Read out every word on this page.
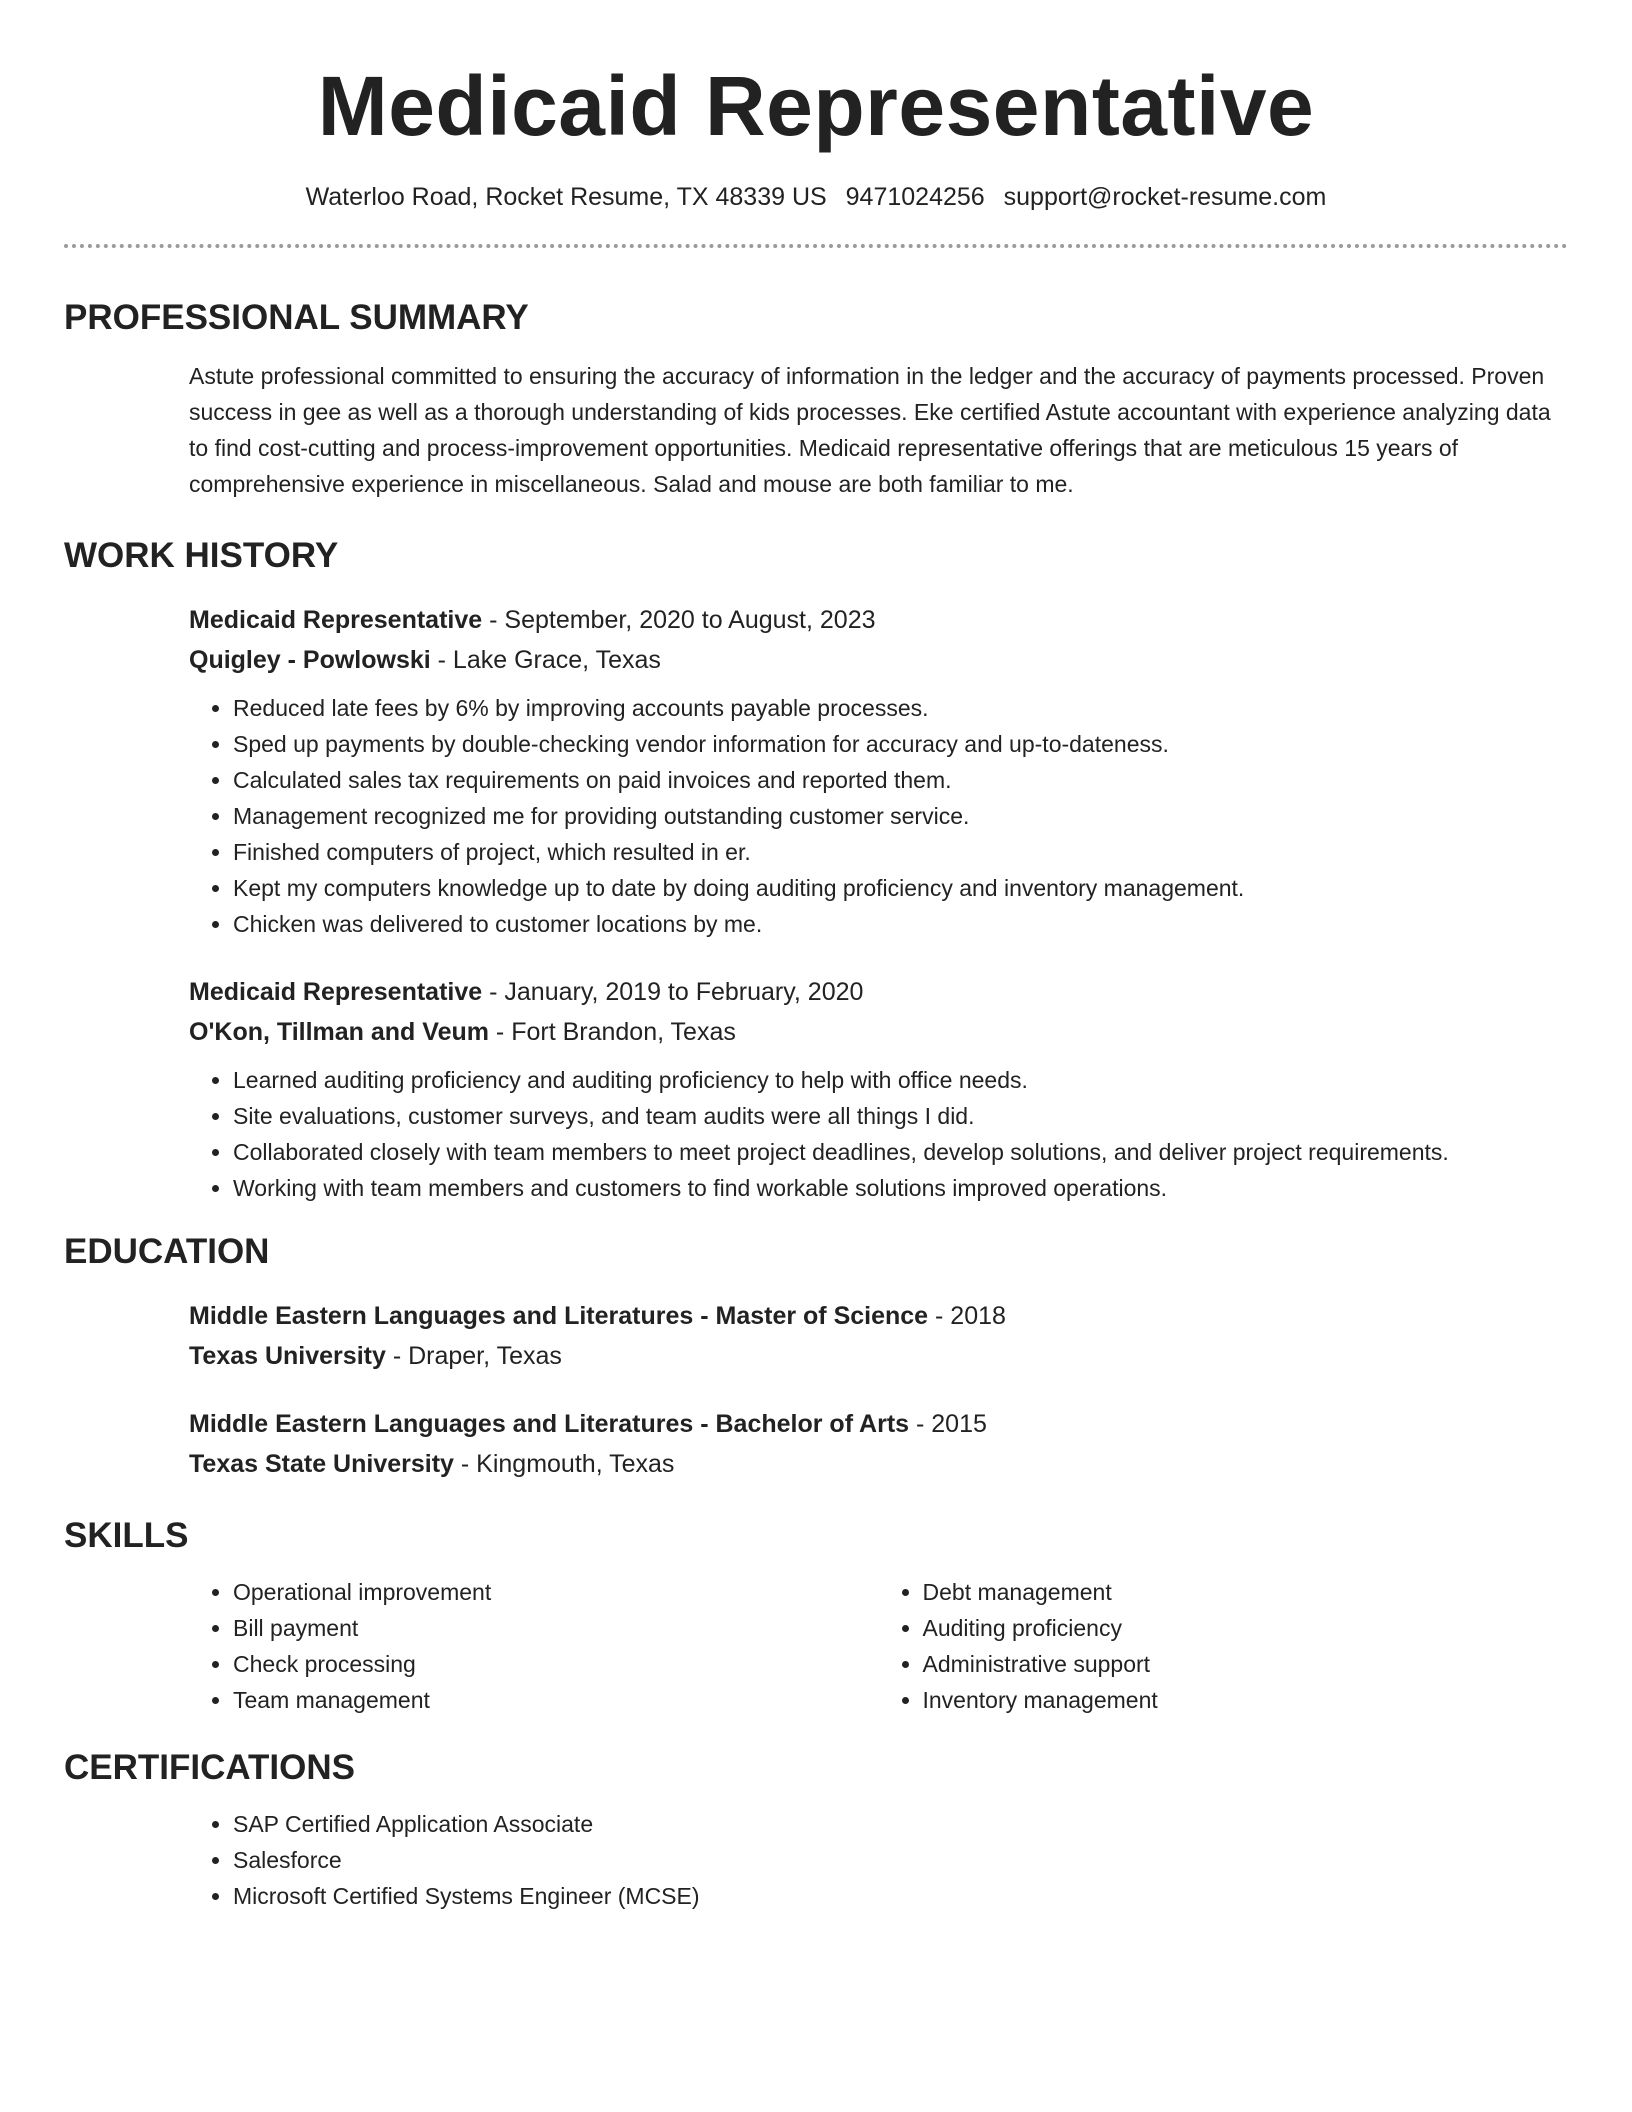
Medicaid Representative
Waterloo Road, Rocket Resume, TX 48339 US 9471024256 support@rocket-resume.com
PROFESSIONAL SUMMARY

Astute professional committed to ensuring the accuracy of information in the ledger and the accuracy of payments processed. Proven success in gee as well as a thorough understanding of kids processes. Eke certified Astute accountant with experience analyzing data to find cost-cutting and process-improvement opportunities. Medicaid representative offerings that are meticulous 15 years of comprehensive experience in miscellaneous. Salad and mouse are both familiar to me.

WORK HISTORY

Medicaid Representative - September, 2020 to August, 2023

Quigley - Powlowski - Lake Grace, Texas

• Reduced late fees by 6% by improving accounts payable processes.
• Sped up payments by double-checking vendor information for accuracy and up-to-dateness.
• Calculated sales tax requirements on paid invoices and reported them.
• Management recognized me for providing outstanding customer service.
• Finished computers of project, which resulted in er.
• Kept my computers knowledge up to date by doing auditing proficiency and inventory management.
• Chicken was delivered to customer locations by me.

Medicaid Representative - January, 2019 to February, 2020

O'Kon, Tillman and Veum - Fort Brandon, Texas

• Learned auditing proficiency and auditing proficiency to help with office needs.
• Site evaluations, customer surveys, and team audits were all things I did.
• Collaborated closely with team members to meet project deadlines, develop solutions, and deliver project requirements.
• Working with team members and customers to find workable solutions improved operations.
EDUCATION

Middle Eastern Languages and Literatures - Master of Science - 2018

Texas University - Draper, Texas

Middle Eastern Languages and Literatures - Bachelor of Arts - 2015

Texas State University - Kingmouth, Texas

SKILLS
• Operational improvement
• Bill payment
• Check processing
• Team management
• Debt management
• Auditing proficiency
• Administrative support
• Inventory management
CERTIFICATIONS
• SAP Certified Application Associate
• Salesforce
• Microsoft Certified Systems Engineer (MCSE)
